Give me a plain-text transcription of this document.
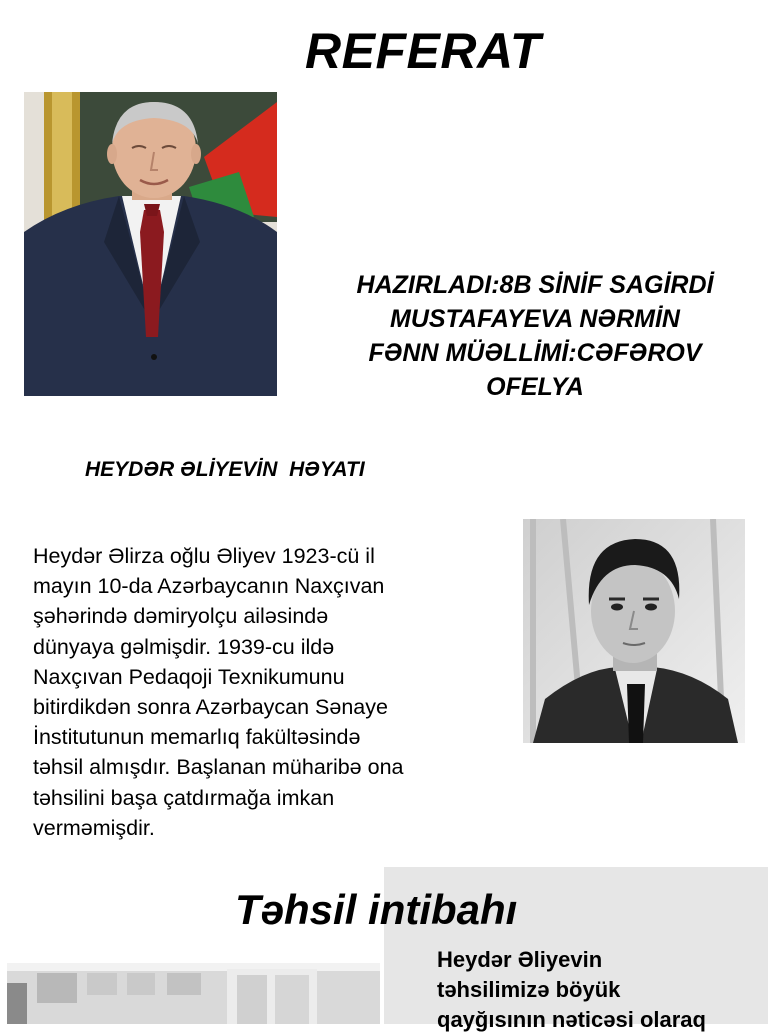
REFERAT
HAZIRLADI:8B SİNİF SAGİRDİ
MUSTAFAYEVA NƏRMİN
FƏNN MÜƏLLİMİ:CƏFƏROV
OFELYA
HEYDƏR ƏLİYEVİN  HƏYATI
Heydər Əlirza oğlu Əliyev 1923-cü il
mayın 10-da Azərbaycanın Naxçıvan
şəhərində dəmiryolçu ailəsində
dünyaya gəlmişdir. 1939-cu ildə
Naxçıvan Pedaqoji Texnikumunu
bitirdikdən sonra Azərbaycan Sənaye
İnstitutunun memarlıq fakültəsində
təhsil almışdır. Başlanan müharibə ona
təhsilini başa çatdırmağa imkan
verməmişdir.
Təhsil intibahı
Heydər Əliyevin
təhsilimizə böyük
qayğısının nəticəsi olaraq
